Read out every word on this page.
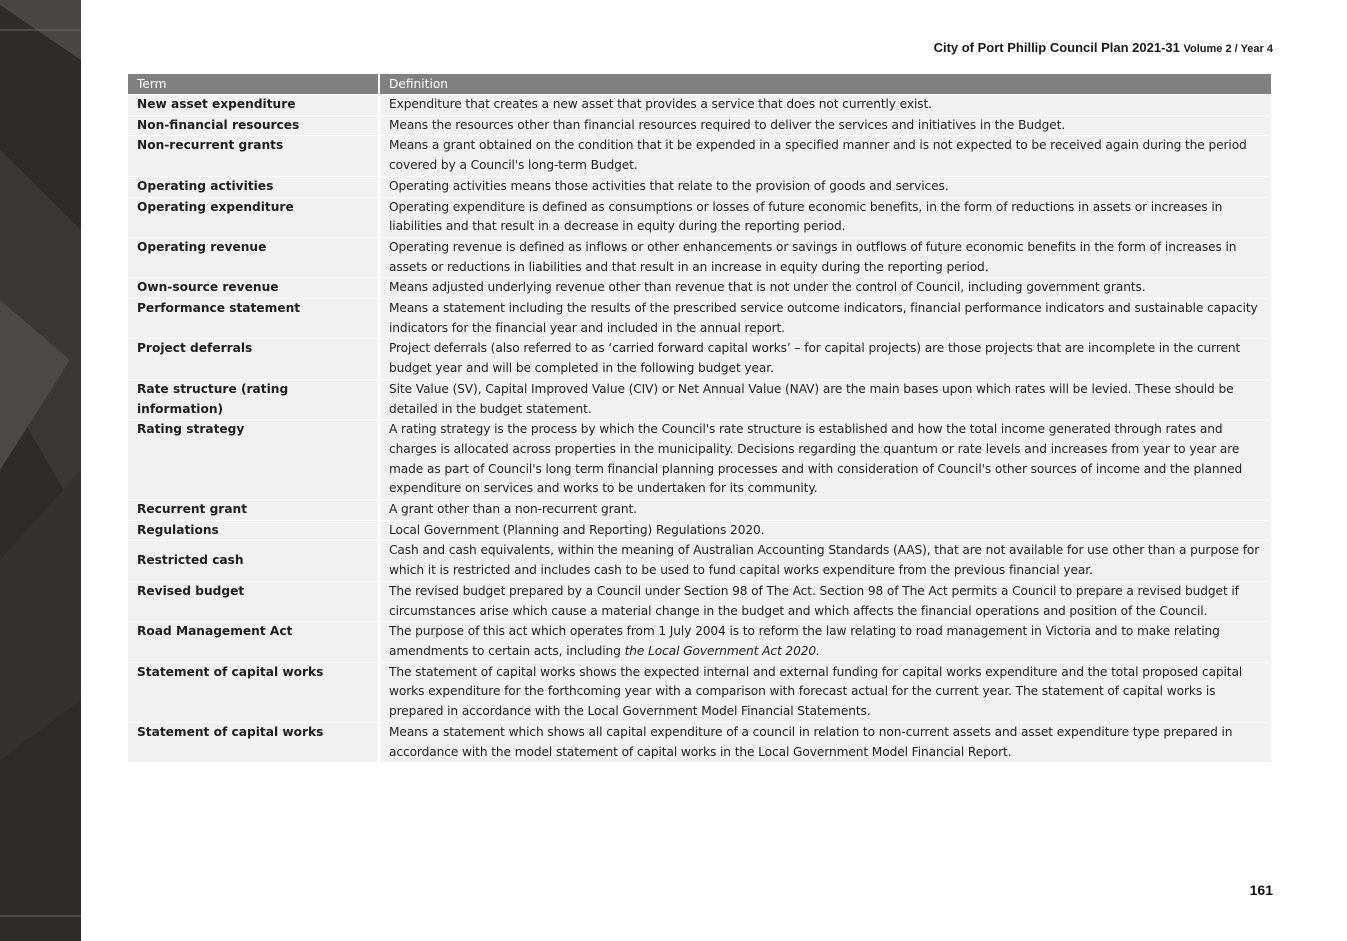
City of Port Phillip Council Plan 2021-31 Volume 2 / Year 4
Term	Definition
New asset expenditure	Expenditure that creates a new asset that provides a service that does not currently exist.
Non-financial resources	Means the resources other than financial resources required to deliver the services and initiatives in the Budget.
Non-recurrent grants	Means a grant obtained on the condition that it be expended in a specified manner and is not expected to be received again during the period covered by a Council's long-term Budget.
Operating activities	Operating activities means those activities that relate to the provision of goods and services.
Operating expenditure	Operating expenditure is defined as consumptions or losses of future economic benefits, in the form of reductions in assets or increases in liabilities and that result in a decrease in equity during the reporting period.
Operating revenue	Operating revenue is defined as inflows or other enhancements or savings in outflows of future economic benefits in the form of increases in assets or reductions in liabilities and that result in an increase in equity during the reporting period.
Own-source revenue	Means adjusted underlying revenue other than revenue that is not under the control of Council, including government grants.
Performance statement	Means a statement including the results of the prescribed service outcome indicators, financial performance indicators and sustainable capacity indicators for the financial year and included in the annual report.
Project deferrals	Project deferrals (also referred to as ‘carried forward capital works’ – for capital projects) are those projects that are incomplete in the current budget year and will be completed in the following budget year.
Rate structure (rating information)	Site Value (SV), Capital Improved Value (CIV) or Net Annual Value (NAV) are the main bases upon which rates will be levied. These should be detailed in the budget statement.
Rating strategy	A rating strategy is the process by which the Council's rate structure is established and how the total income generated through rates and charges is allocated across properties in the municipality. Decisions regarding the quantum or rate levels and increases from year to year are made as part of Council's long term financial planning processes and with consideration of Council's other sources of income and the planned expenditure on services and works to be undertaken for its community.
Recurrent grant	A grant other than a non-recurrent grant.
Regulations	Local Government (Planning and Reporting) Regulations 2020.
Restricted cash	Cash and cash equivalents, within the meaning of Australian Accounting Standards (AAS), that are not available for use other than a purpose for which it is restricted and includes cash to be used to fund capital works expenditure from the previous financial year.
Revised budget	The revised budget prepared by a Council under Section 98 of The Act. Section 98 of The Act permits a Council to prepare a revised budget if circumstances arise which cause a material change in the budget and which affects the financial operations and position of the Council.
Road Management Act	The purpose of this act which operates from 1 July 2004 is to reform the law relating to road management in Victoria and to make relating amendments to certain acts, including the Local Government Act 2020.
Statement of capital works	The statement of capital works shows the expected internal and external funding for capital works expenditure and the total proposed capital works expenditure for the forthcoming year with a comparison with forecast actual for the current year. The statement of capital works is prepared in accordance with the Local Government Model Financial Statements.
Statement of capital works	Means a statement which shows all capital expenditure of a council in relation to non-current assets and asset expenditure type prepared in accordance with the model statement of capital works in the Local Government Model Financial Report.
161
